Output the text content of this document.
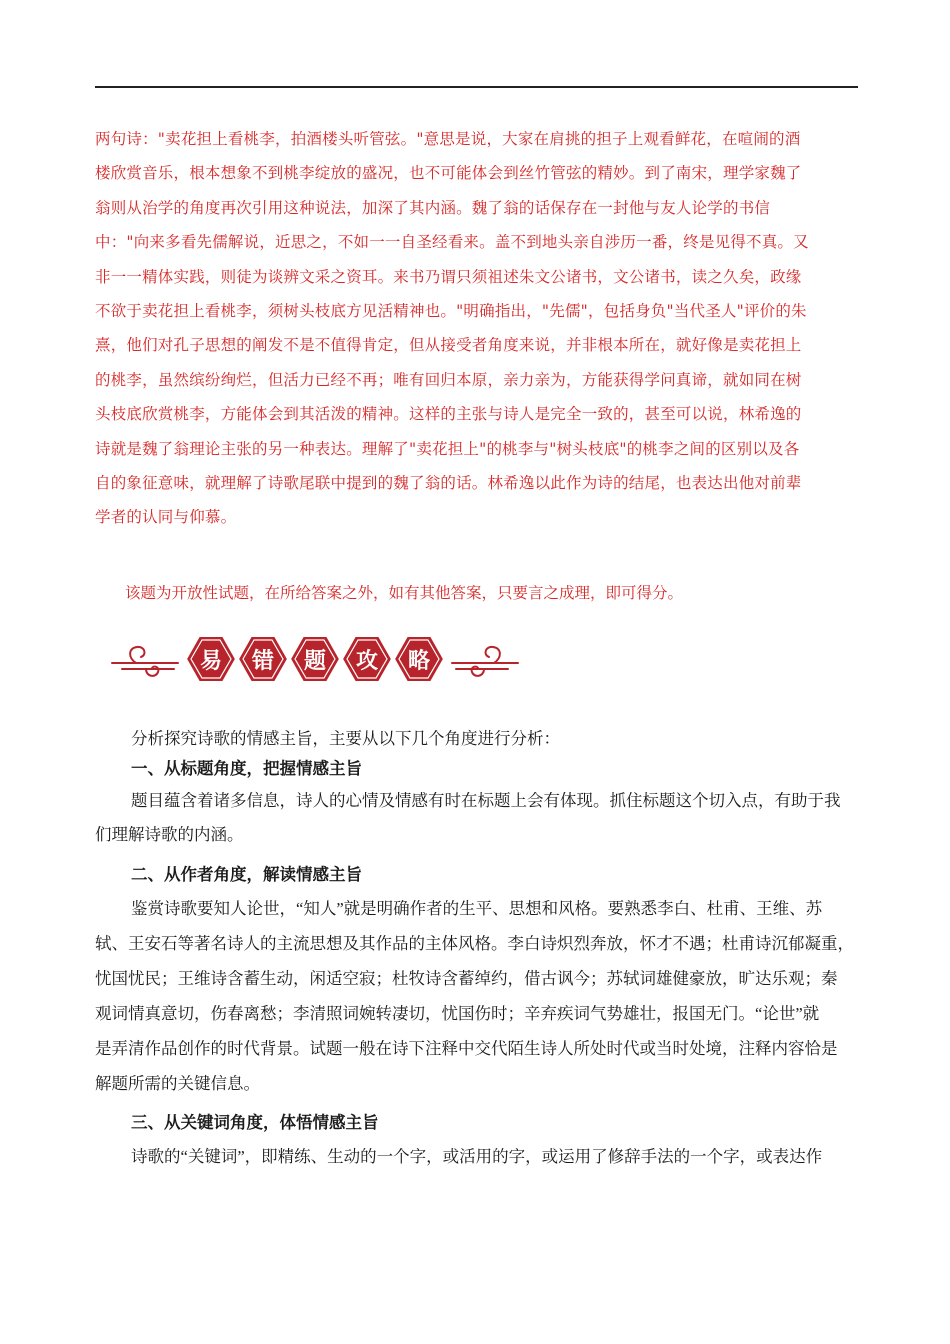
两句诗："卖花担上看桃李，拍酒楼头听管弦。"意思是说，大家在肩挑的担子上观看鲜花，在喧闹的酒 楼欣赏音乐，根本想象不到桃李绽放的盛况，也不可能体会到丝竹管弦的精妙。到了南宋，理学家魏了 翁则从治学的角度再次引用这种说法，加深了其内涵。魏了翁的话保存在一封他与友人论学的书信 中："向来多看先儒解说，近思之，不如一一自圣经看来。盖不到地头亲自涉历一番，终是见得不真。又 非一一精体实践，则徒为谈辨文采之资耳。来书乃谓只须祖述朱文公诸书，文公诸书，读之久矣，政缘 不欲于卖花担上看桃李，须树头枝底方见活精神也。"明确指出，"先儒"，包括身负"当代圣人"评价的朱 熹，他们对孔子思想的阐发不是不值得肯定，但从接受者角度来说，并非根本所在，就好像是卖花担上 的桃李，虽然缤纷绚烂，但活力已经不再；唯有回归本原，亲力亲为，方能获得学问真谛，就如同在树 头枝底欣赏桃李，方能体会到其活泼的精神。这样的主张与诗人是完全一致的，甚至可以说，林希逸的 诗就是魏了翁理论主张的另一种表达。理解了"卖花担上"的桃李与"树头枝底"的桃李之间的区别以及各 自的象征意味，就理解了诗歌尾联中提到的魏了翁的话。林希逸以此作为诗的结尾，也表达出他对前辈 学者的认同与仰慕。
该题为开放性试题，在所给答案之外，如有其他答案，只要言之成理，即可得分。
易 错 题 攻 略
分析探究诗歌的情感主旨，主要从以下几个角度进行分析：
一、从标题角度，把握情感主旨
题目蕴含着诸多信息，诗人的心情及情感有时在标题上会有体现。抓住标题这个切入点，有助于我
们理解诗歌的内涵。
二、从作者角度，解读情感主旨
鉴赏诗歌要知人论世，“知人”就是明确作者的生平、思想和风格。要熟悉李白、杜甫、王维、苏
轼、王安石等著名诗人的主流思想及其作品的主体风格。李白诗炽烈奔放，怀才不遇；杜甫诗沉郁凝重，
忧国忧民；王维诗含蓄生动，闲适空寂；杜牧诗含蓄绰约，借古讽今；苏轼词雄健豪放，旷达乐观；秦
观词情真意切，伤春离愁；李清照词婉转凄切，忧国伤时；辛弃疾词气势雄壮，报国无门。“论世”就
是弄清作品创作的时代背景。试题一般在诗下注释中交代陌生诗人所处时代或当时处境，注释内容恰是
解题所需的关键信息。
三、从关键词角度，体悟情感主旨
诗歌的“关键词”，即精练、生动的一个字，或活用的字，或运用了修辞手法的一个字，或表达作
